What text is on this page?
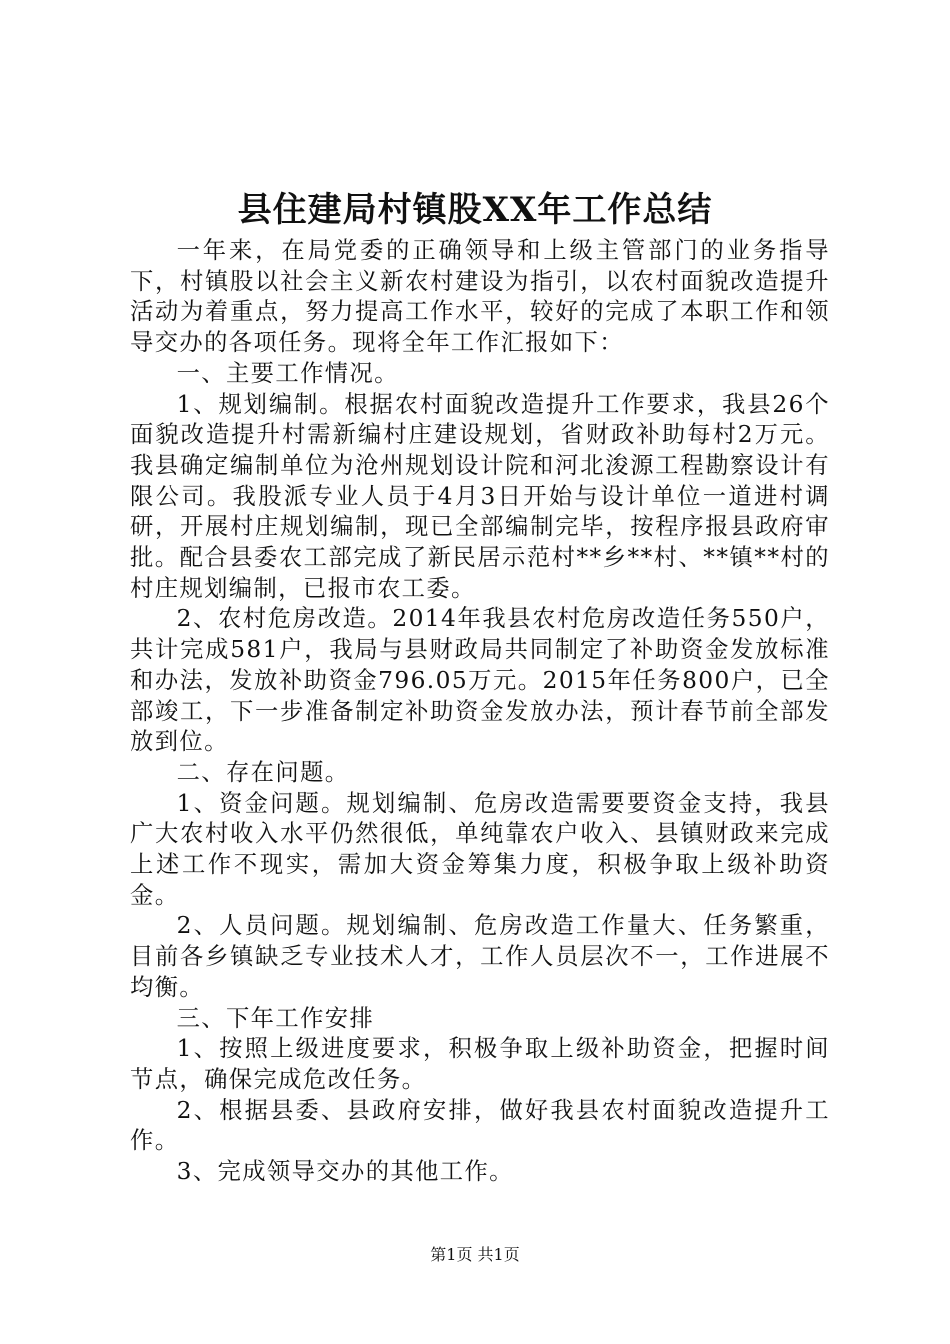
县住建局村镇股XX年工作总结

一年来，在局党委的正确领导和上级主管部门的业务指导下，村镇股以社会主义新农村建设为指引，以农村面貌改造提升活动为着重点，努力提高工作水平，较好的完成了本职工作和领导交办的各项任务。现将全年工作汇报如下：

一、主要工作情况。

1、规划编制。根据农村面貌改造提升工作要求，我县26个面貌改造提升村需新编村庄建设规划，省财政补助每村2万元。我县确定编制单位为沧州规划设计院和河北浚源工程勘察设计有限公司。我股派专业人员于4月3日开始与设计单位一道进村调研，开展村庄规划编制，现已全部编制完毕，按程序报县政府审批。配合县委农工部完成了新民居示范村**乡**村、**镇**村的村庄规划编制，已报市农工委。

2、农村危房改造。2014年我县农村危房改造任务550户，共计完成581户，我局与县财政局共同制定了补助资金发放标准和办法，发放补助资金796.05万元。2015年任务800户，已全部竣工，下一步准备制定补助资金发放办法，预计春节前全部发放到位。

二、存在问题。

1、资金问题。规划编制、危房改造需要要资金支持，我县广大农村收入水平仍然很低，单纯靠农户收入、县镇财政来完成上述工作不现实，需加大资金筹集力度，积极争取上级补助资金。

2、人员问题。规划编制、危房改造工作量大、任务繁重，目前各乡镇缺乏专业技术人才，工作人员层次不一，工作进展不均衡。

三、下年工作安排

1、按照上级进度要求，积极争取上级补助资金，把握时间节点，确保完成危改任务。

2、根据县委、县政府安排，做好我县农村面貌改造提升工作。

3、完成领导交办的其他工作。

第1页 共1页
